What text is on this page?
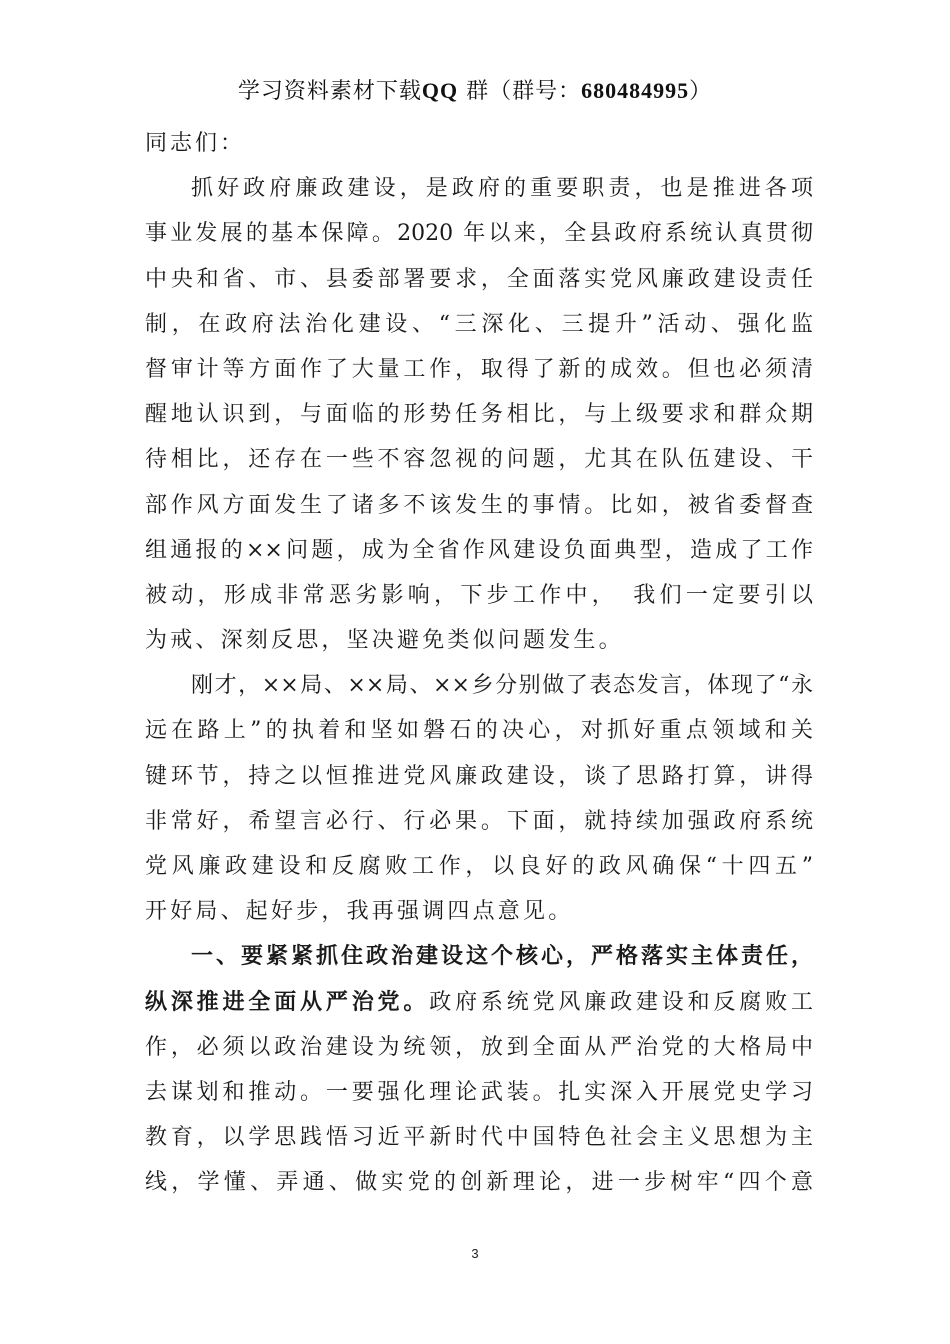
学习资料素材下载QQ 群（群号：680484995）
同志们：
抓好政府廉政建设，是政府的重要职责，也是推进各项
事业发展的基本保障。2020 年以来，全县政府系统认真贯彻
中央和省、市、县委部署要求，全面落实党风廉政建设责任
制，在政府法治化建设、“三深化、三提升”活动、强化监
督审计等方面作了大量工作，取得了新的成效。但也必须清
醒地认识到，与面临的形势任务相比，与上级要求和群众期
待相比，还存在一些不容忽视的问题，尤其在队伍建设、干
部作风方面发生了诸多不该发生的事情。比如，被省委督查
组通报的××问题，成为全省作风建设负面典型，造成了工作
被动，形成非常恶劣影响，下步工作中，　我们一定要引以
为戒、深刻反思，坚决避免类似问题发生。
刚才，××局、××局、××乡分别做了表态发言，体现了“永
远在路上”的执着和坚如磐石的决心，对抓好重点领域和关
键环节，持之以恒推进党风廉政建设，谈了思路打算，讲得
非常好，希望言必行、行必果。下面，就持续加强政府系统
党风廉政建设和反腐败工作，以良好的政风确保“十四五”
开好局、起好步，我再强调四点意见。
一、要紧紧抓住政治建设这个核心，严格落实主体责任，
纵深推进全面从严治党。政府系统党风廉政建设和反腐败工
作，必须以政治建设为统领，放到全面从严治党的大格局中
去谋划和推动。一要强化理论武装。扎实深入开展党史学习
教育，以学思践悟习近平新时代中国特色社会主义思想为主
线，学懂、弄通、做实党的创新理论，进一步树牢“四个意
3
